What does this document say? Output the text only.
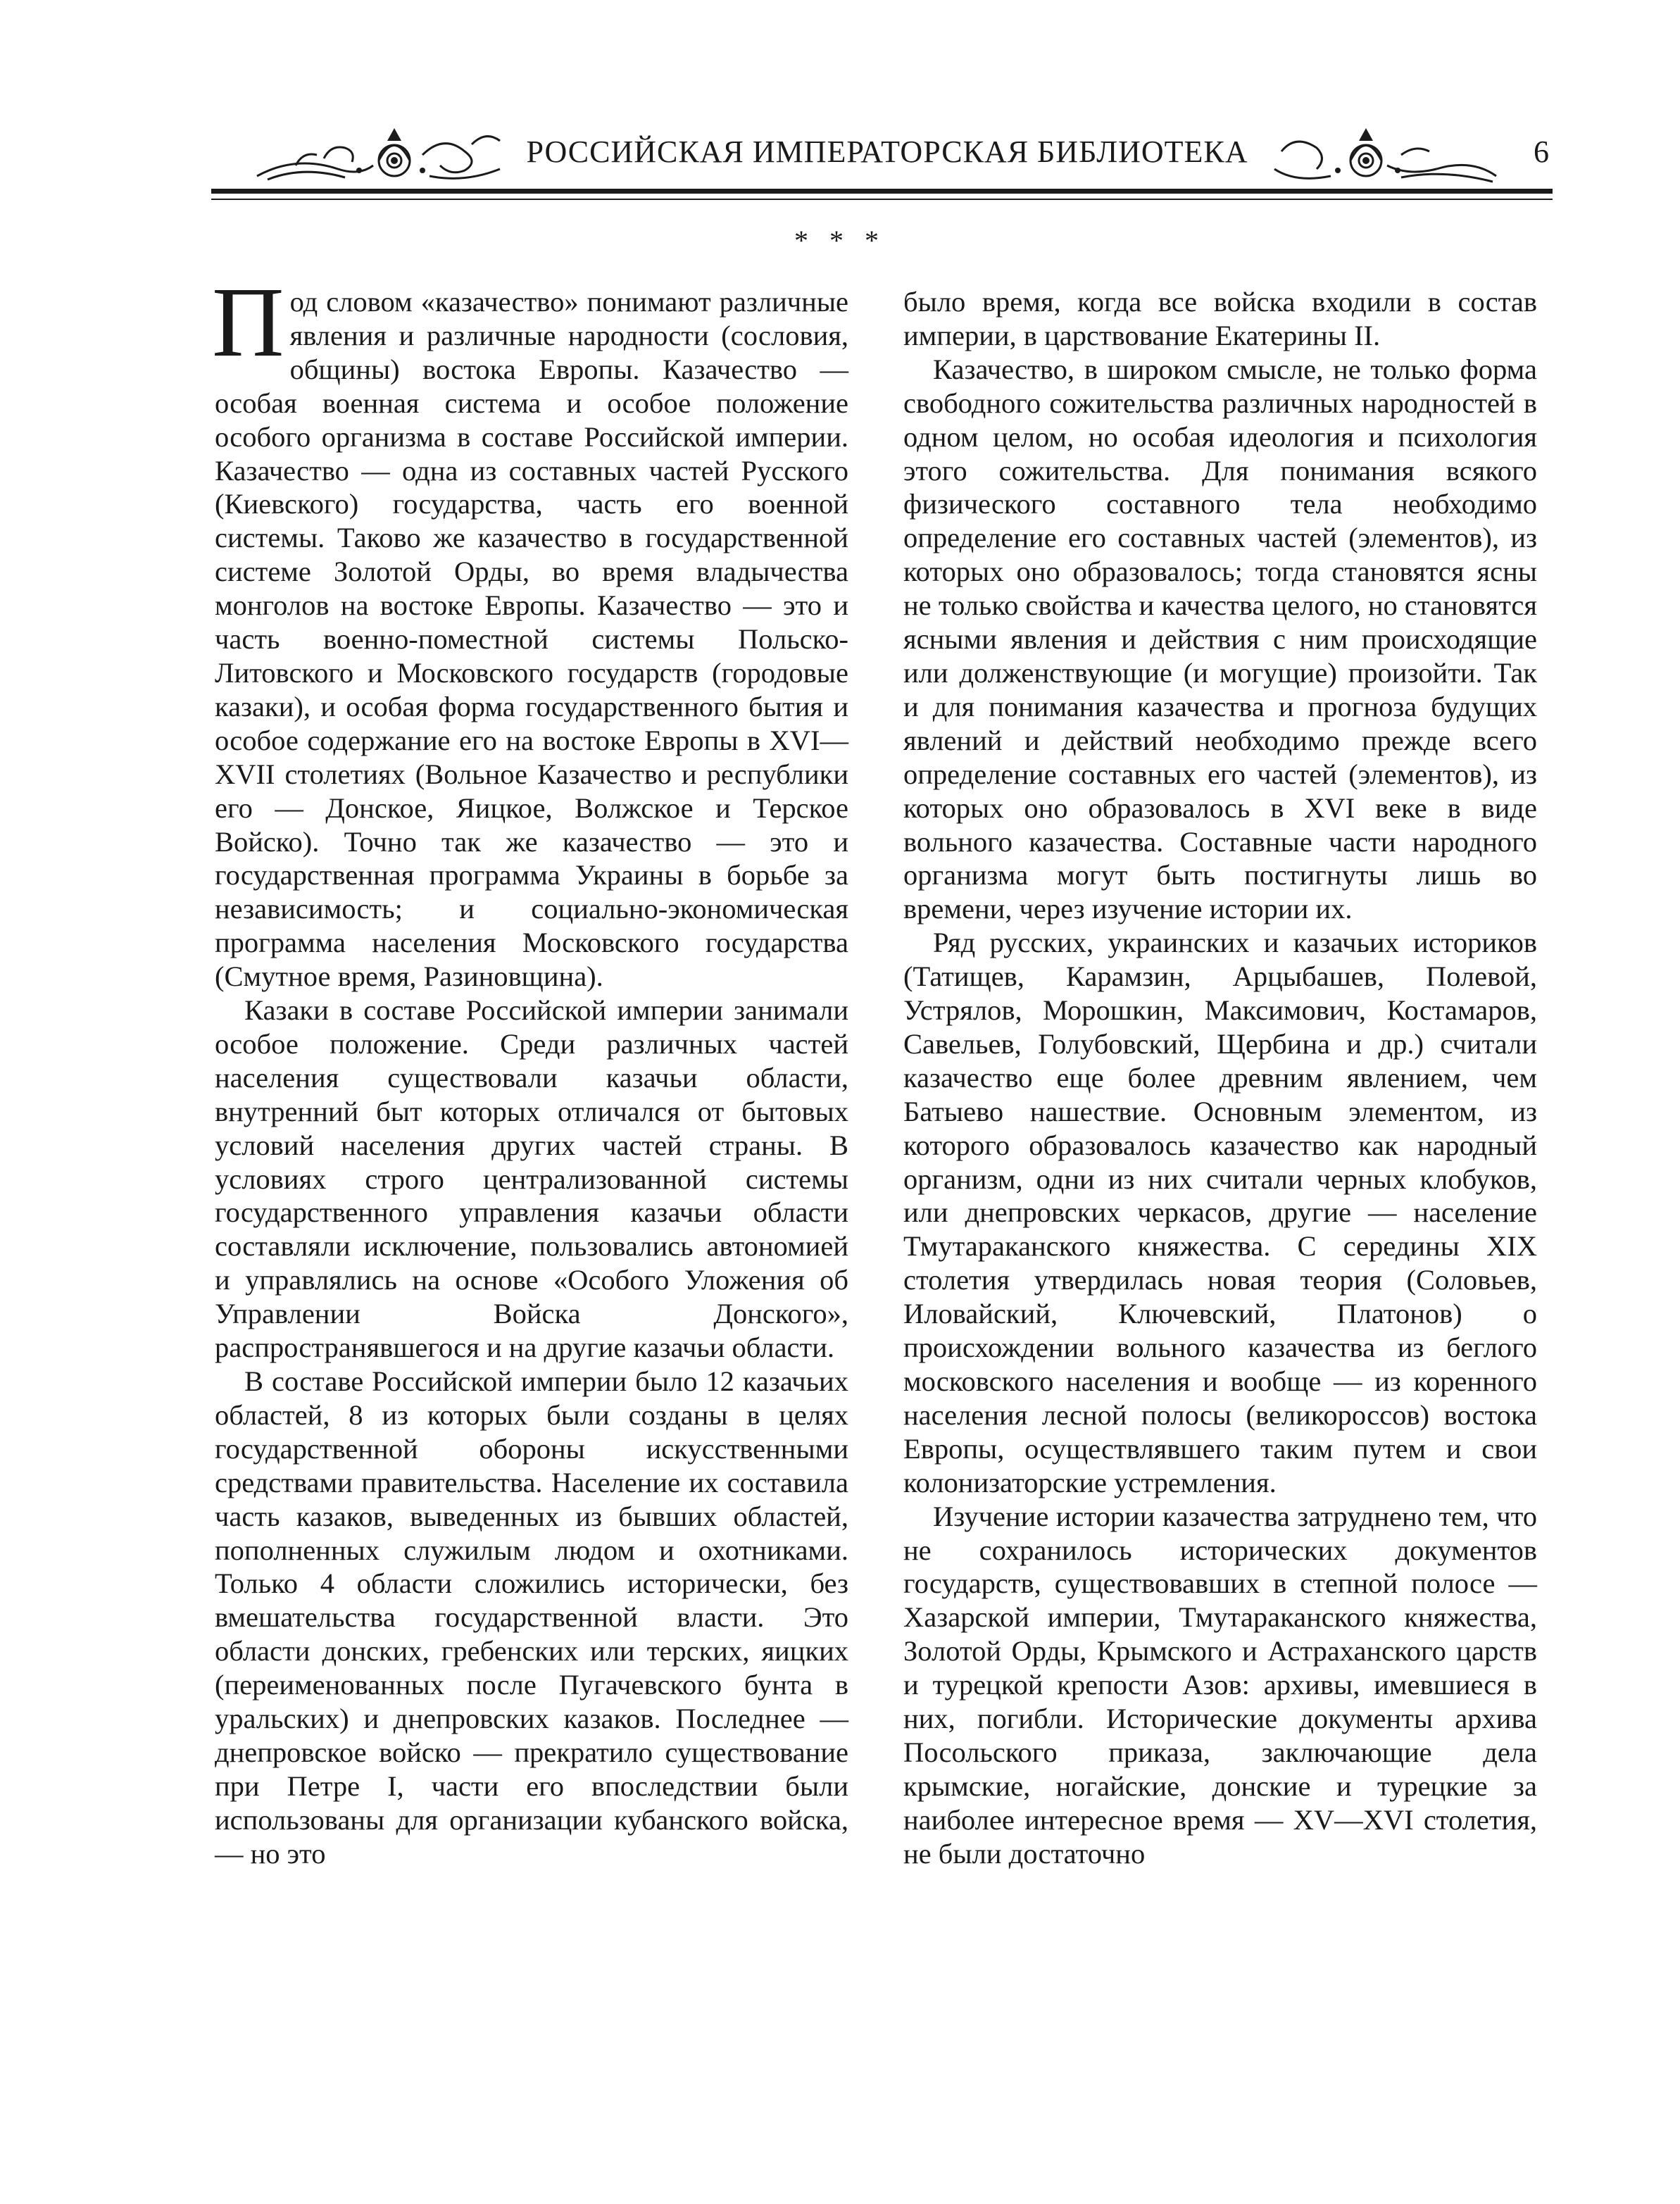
РОССИЙСКАЯ ИМПЕРАТОРСКАЯ БИБЛИОТЕКА	6
* * *

Под словом «казачество» понимают различные явления и различные народности (сословия, общины) востока Европы. Казачество — особая военная система и особое положение особого организма в составе Российской империи. Казачество — одна из составных частей Русского (Киевского) государства, часть его военной системы. Таково же казачество в государственной системе Золотой Орды, во время владычества монголов на востоке Европы. Казачество — это и часть военно-поместной системы Польско-Литовского и Московского государств (городовые казаки), и особая форма государственного бытия и особое содержание его на востоке Европы в XVI—XVII столетиях (Вольное Казачество и республики его — Донское, Яицкое, Волжское и Терское Войско). Точно так же казачество — это и государственная программа Украины в борьбе за независимость; и социально-экономическая программа населения Московского государства (Смутное время, Разиновщина).

Казаки в составе Российской империи занимали особое положение. Среди различных частей населения существовали казачьи области, внутренний быт которых отличался от бытовых условий населения других частей страны. В условиях строго централизованной системы государственного управления казачьи области составляли исключение, пользовались автономией и управлялись на основе «Особого Уложения об Управлении Войска Донского», распространявшегося и на другие казачьи области.

В составе Российской империи было 12 казачьих областей, 8 из которых были созданы в целях государственной обороны искусственными средствами правительства. Население их составила часть казаков, выведенных из бывших областей, пополненных служилым людом и охотниками. Только 4 области сложились исторически, без вмешательства государственной власти. Это области донских, гребенских или терских, яицких (переименованных после Пугачевского бунта в уральских) и днепровских казаков. Последнее — днепровское войско — прекратило существование при Петре I, части его впоследствии были использованы для организации кубанского войска, — но это

было время, когда все войска входили в состав империи, в царствование Екатерины II.

Казачество, в широком смысле, не только форма свободного сожительства различных народностей в одном целом, но особая идеология и психология этого сожительства. Для понимания всякого физического составного тела необходимо определение его составных частей (элементов), из которых оно образовалось; тогда становятся ясны не только свойства и качества целого, но становятся ясными явления и действия с ним происходящие или долженствующие (и могущие) произойти. Так и для понимания казачества и прогноза будущих явлений и действий необходимо прежде всего определение составных его частей (элементов), из которых оно образовалось в XVI веке в виде вольного казачества. Составные части народного организма могут быть постигнуты лишь во времени, через изучение истории их.

Ряд русских, украинских и казачьих историков (Татищев, Карамзин, Арцыбашев, Полевой, Устрялов, Морошкин, Максимович, Костамаров, Савельев, Голубовский, Щербина и др.) считали казачество еще более древним явлением, чем Батыево нашествие. Основным элементом, из которого образовалось казачество как народный организм, одни из них считали черных клобуков, или днепровских черкасов, другие — население Тмутараканского княжества. С середины XIX столетия утвердилась новая теория (Соловьев, Иловайский, Ключевский, Платонов) о происхождении вольного казачества из беглого московского населения и вообще — из коренного населения лесной полосы (великороссов) востока Европы, осуществлявшего таким путем и свои колонизаторские устремления.

Изучение истории казачества затруднено тем, что не сохранилось исторических документов государств, существовавших в степной полосе — Хазарской империи, Тмутараканского княжества, Золотой Орды, Крымского и Астраханского царств и турецкой крепости Азов: архивы, имевшиеся в них, погибли. Исторические документы архива Посольского приказа, заключающие дела крымские, ногайские, донские и турецкие за наиболее интересное время — XV—XVI столетия, не были достаточно
